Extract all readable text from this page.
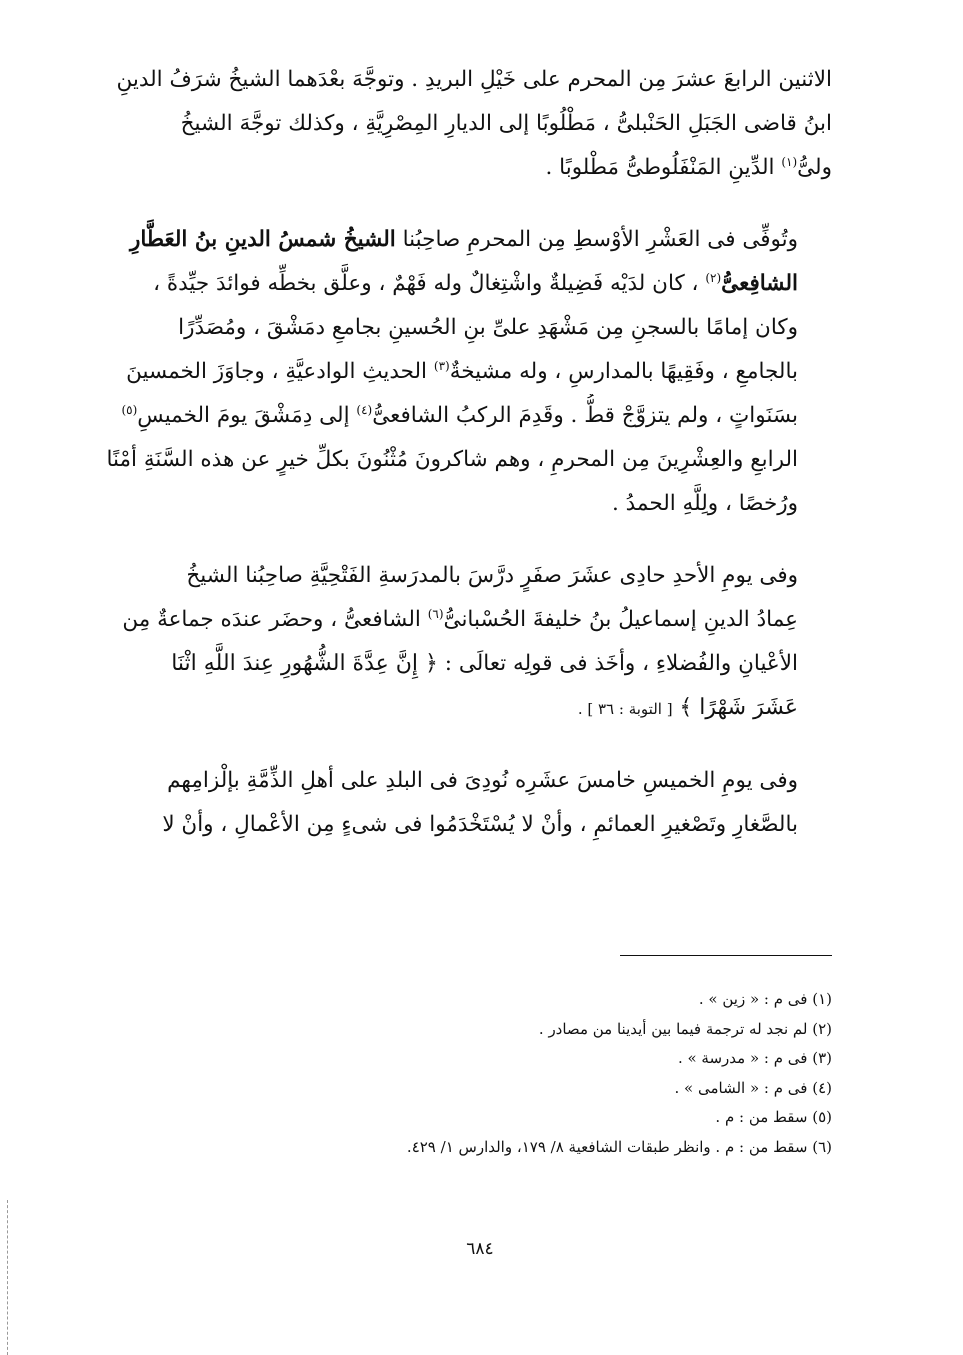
الاثنين الرابعَ عشرَ مِن المحرم على خَيْلِ البريدِ . وتوجَّهَ بعْدَهما الشيخُ شرَفُ الدينِ
ابنُ قاضى الجَبَلِ الحَنْبلىُّ ، مَطْلُوبًا إلى الديارِ المِصْرِيَّةِ ، وكذلك توجَّهَ الشيخُ
ولىُّ$^{(١)}$ الدِّينِ المَنْفَلُوطىُّ مَطْلوبًا .

وتُوفِّى فى العَشْرِ الأوْسطِ مِن المحرمِ صاحِبُنا الشيخُ شمسُ الدينِ بنُ العَطَّارِ
الشافِعىُّ$^{(٢)}$ ، كان لدَيْه فَضِيلةٌ واشْتِغالٌ وله فَهْمٌ ، وعلَّق بخطِّه فوائدَ جيِّدةً ،
وكان إمامًا بالسجنِ مِن مَشْهَدِ علىِّ بنِ الحُسينِ بجامعِ دمَشْقَ ، ومُصَدِّرًا
بالجامعِ ، وفَقِيهًا بالمدارسِ ، وله مشيخةٌ$^{(٣)}$ الحديثِ الوادعيَّةِ ، وجاوَزَ الخمسينَ
بسَنَواتٍ ، ولم يتزوَّجْ قطُّ . وقَدِمَ الركبُ الشافعىُّ$^{(٤)}$ إلى دِمَشْقَ يومَ الخميسِ$^{(٥)}$
الرابعِ والعِشْرِينَ مِن المحرمِ ، وهم شاكرونَ مُثْنُونَ بكلِّ خيرٍ عن هذه السَّنَةِ أمْنًا
ورُخصًا ، ولِلَّهِ الحمدُ .

وفى يومِ الأحدِ حادِى عشَرَ صفَرٍ درَّسَ بالمدرَسةِ الفَتْحِيَّةِ صاحِبُنا الشيخُ
عِمادُ الدينِ إسماعيلُ بنُ خليفةَ الحُسْبانىُّ$^{(٦)}$ الشافعىُّ ، وحضَر عندَه جماعةٌ مِن
الأعْيانِ والفُضلاءِ ، وأخَذ فى قولِه تعالَى : ﴿ إِنَّ عِدَّةَ الشُّهُورِ عِندَ اللَّهِ اثْنَا
عَشَرَ شَهْرًا ﴾ [ التوبة : ٣٦ ] .

وفى يومِ الخميسِ خامسَ عشَرِه نُودِىَ فى البلدِ على أهلِ الذِّمَّةِ بإلْزامِهم
بالصَّغارِ وتَصْغيرِ العمائمِ ، وأنْ لا يُسْتَخْدَمُوا فى شىءٍ مِن الأعْمالِ ، وأنْ لا

(١) فى م : « زين » .
(٢) لم نجد له ترجمة فيما بين أيدينا من مصادر .
(٣) فى م : « مدرسة » .
(٤) فى م : « الشامى » .
(٥) سقط من : م .
(٦) سقط من : م . وانظر طبقات الشافعية ٨/ ١٧٩، والدارس ١/ ٤٢٩.
٦٨٤
